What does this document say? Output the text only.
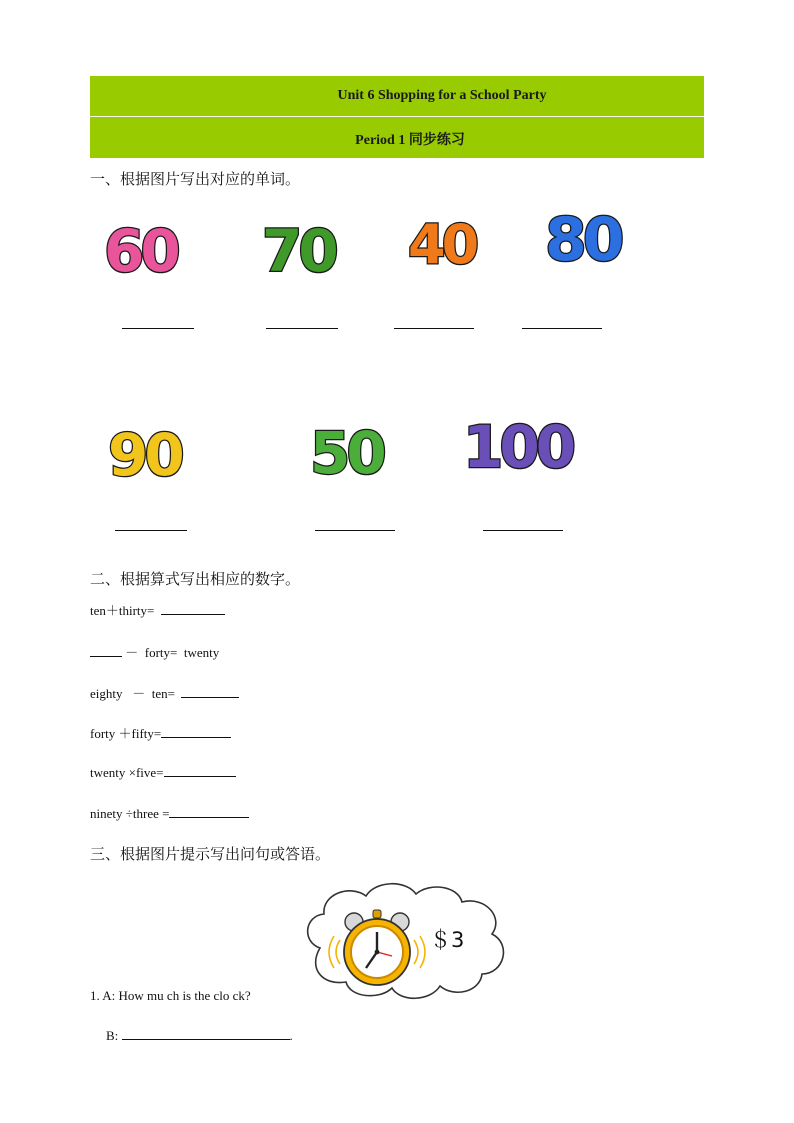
Unit 6 Shopping for a School Party
Period 1 同步练习
一、根据图片写出对应的单词。
60 70 40 80
90 50 100
二、根据算式写出相应的数字。
ten＋thirty=
－  forty=  twenty
eighty   －  ten=
forty ＋fifty=
twenty ×five=
ninety ÷three =
三、根据图片提示写出问句或答语。
＄3
1. A: How mu ch is the clo ck?
B:	.
